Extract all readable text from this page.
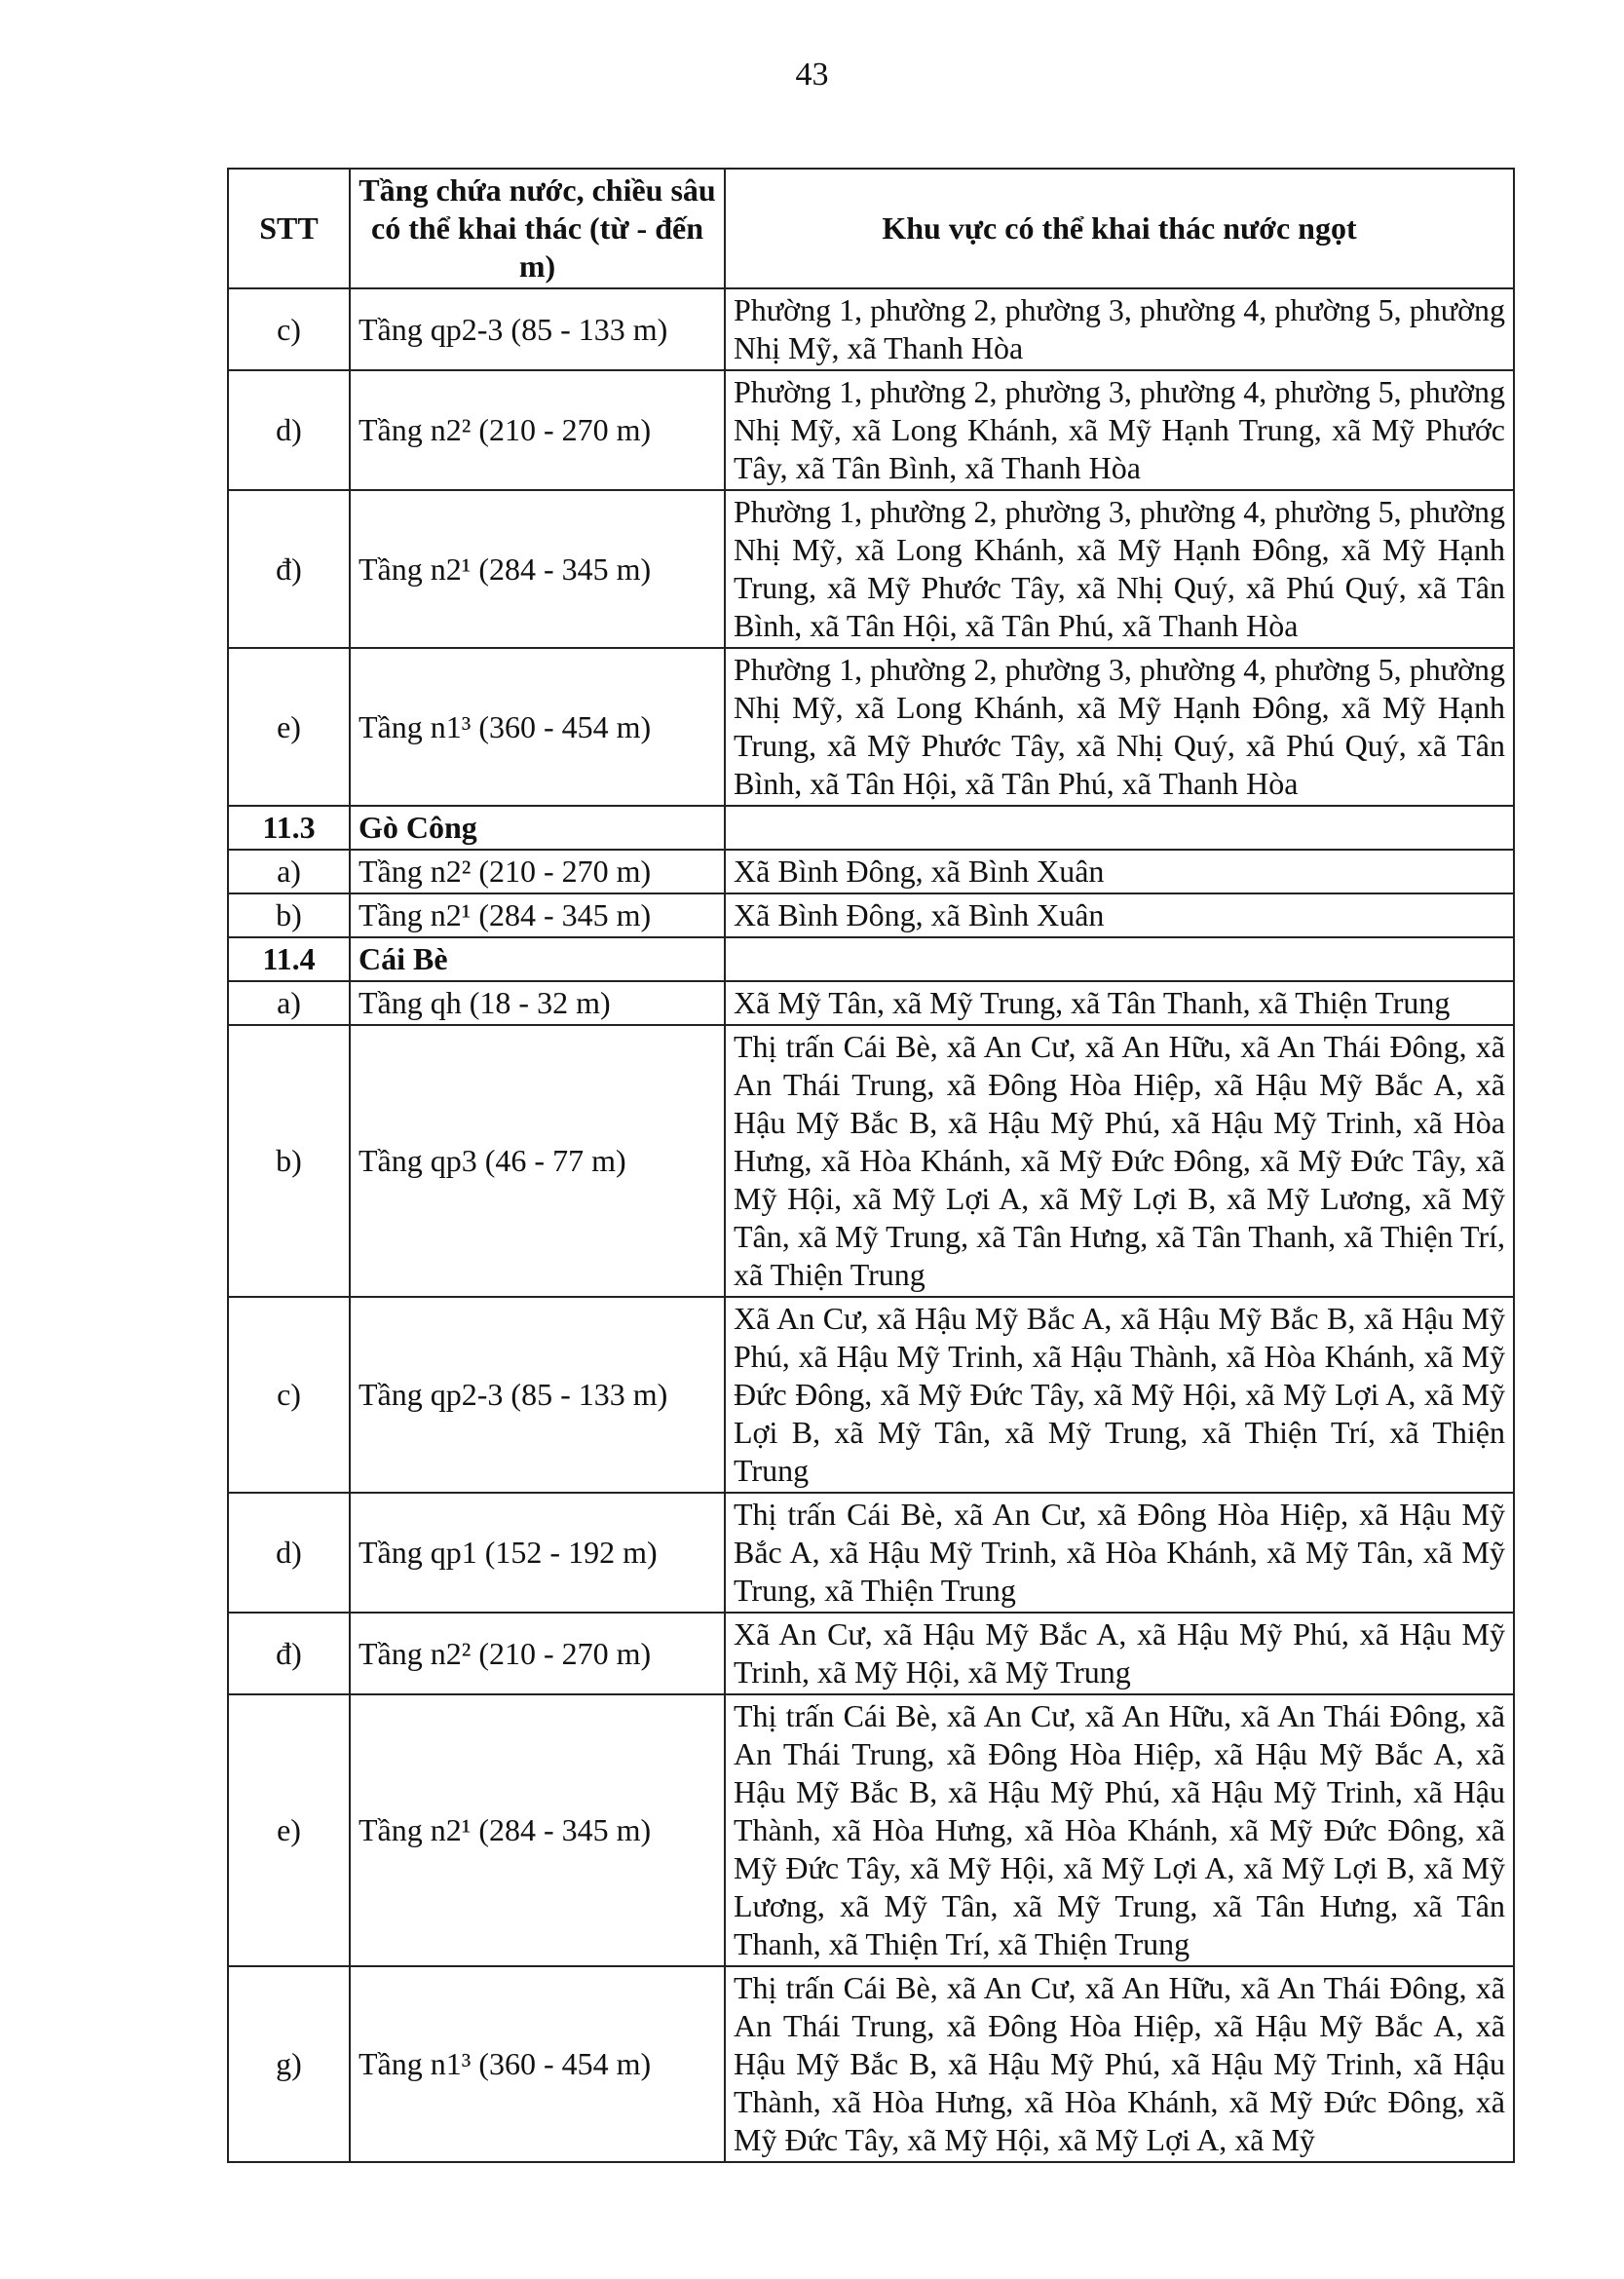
43
STT	Tầng chứa nước, chiều sâu có thể khai thác (từ - đến m)	Khu vực có thể khai thác nước ngọt
c)	Tầng qp2-3 (85 - 133 m)	Phường 1, phường 2, phường 3, phường 4, phường 5, phường Nhị Mỹ, xã Thanh Hòa
d)	Tầng n2² (210 - 270 m)	Phường 1, phường 2, phường 3, phường 4, phường 5, phường Nhị Mỹ, xã Long Khánh, xã Mỹ Hạnh Trung, xã Mỹ Phước Tây, xã Tân Bình, xã Thanh Hòa
đ)	Tầng n2¹ (284 - 345 m)	Phường 1, phường 2, phường 3, phường 4, phường 5, phường Nhị Mỹ, xã Long Khánh, xã Mỹ Hạnh Đông, xã Mỹ Hạnh Trung, xã Mỹ Phước Tây, xã Nhị Quý, xã Phú Quý, xã Tân Bình, xã Tân Hội, xã Tân Phú, xã Thanh Hòa
e)	Tầng n1³ (360 - 454 m)	Phường 1, phường 2, phường 3, phường 4, phường 5, phường Nhị Mỹ, xã Long Khánh, xã Mỹ Hạnh Đông, xã Mỹ Hạnh Trung, xã Mỹ Phước Tây, xã Nhị Quý, xã Phú Quý, xã Tân Bình, xã Tân Hội, xã Tân Phú, xã Thanh Hòa
11.3	Gò Công	
a)	Tầng n2² (210 - 270 m)	Xã Bình Đông, xã Bình Xuân
b)	Tầng n2¹ (284 - 345 m)	Xã Bình Đông, xã Bình Xuân
11.4	Cái Bè	
a)	Tầng qh (18 - 32 m)	Xã Mỹ Tân, xã Mỹ Trung, xã Tân Thanh, xã Thiện Trung
b)	Tầng qp3 (46 - 77 m)	Thị trấn Cái Bè, xã An Cư, xã An Hữu, xã An Thái Đông, xã An Thái Trung, xã Đông Hòa Hiệp, xã Hậu Mỹ Bắc A, xã Hậu Mỹ Bắc B, xã Hậu Mỹ Phú, xã Hậu Mỹ Trinh, xã Hòa Hưng, xã Hòa Khánh, xã Mỹ Đức Đông, xã Mỹ Đức Tây, xã Mỹ Hội, xã Mỹ Lợi A, xã Mỹ Lợi B, xã Mỹ Lương, xã Mỹ Tân, xã Mỹ Trung, xã Tân Hưng, xã Tân Thanh, xã Thiện Trí, xã Thiện Trung
c)	Tầng qp2-3 (85 - 133 m)	Xã An Cư, xã Hậu Mỹ Bắc A, xã Hậu Mỹ Bắc B, xã Hậu Mỹ Phú, xã Hậu Mỹ Trinh, xã Hậu Thành, xã Hòa Khánh, xã Mỹ Đức Đông, xã Mỹ Đức Tây, xã Mỹ Hội, xã Mỹ Lợi A, xã Mỹ Lợi B, xã Mỹ Tân, xã Mỹ Trung, xã Thiện Trí, xã Thiện Trung
d)	Tầng qp1 (152 - 192 m)	Thị trấn Cái Bè, xã An Cư, xã Đông Hòa Hiệp, xã Hậu Mỹ Bắc A, xã Hậu Mỹ Trinh, xã Hòa Khánh, xã Mỹ Tân, xã Mỹ Trung, xã Thiện Trung
đ)	Tầng n2² (210 - 270 m)	Xã An Cư, xã Hậu Mỹ Bắc A, xã Hậu Mỹ Phú, xã Hậu Mỹ Trinh, xã Mỹ Hội, xã Mỹ Trung
e)	Tầng n2¹ (284 - 345 m)	Thị trấn Cái Bè, xã An Cư, xã An Hữu, xã An Thái Đông, xã An Thái Trung, xã Đông Hòa Hiệp, xã Hậu Mỹ Bắc A, xã Hậu Mỹ Bắc B, xã Hậu Mỹ Phú, xã Hậu Mỹ Trinh, xã Hậu Thành, xã Hòa Hưng, xã Hòa Khánh, xã Mỹ Đức Đông, xã Mỹ Đức Tây, xã Mỹ Hội, xã Mỹ Lợi A, xã Mỹ Lợi B, xã Mỹ Lương, xã Mỹ Tân, xã Mỹ Trung, xã Tân Hưng, xã Tân Thanh, xã Thiện Trí, xã Thiện Trung
g)	Tầng n1³ (360 - 454 m)	Thị trấn Cái Bè, xã An Cư, xã An Hữu, xã An Thái Đông, xã An Thái Trung, xã Đông Hòa Hiệp, xã Hậu Mỹ Bắc A, xã Hậu Mỹ Bắc B, xã Hậu Mỹ Phú, xã Hậu Mỹ Trinh, xã Hậu Thành, xã Hòa Hưng, xã Hòa Khánh, xã Mỹ Đức Đông, xã Mỹ Đức Tây, xã Mỹ Hội, xã Mỹ Lợi A, xã Mỹ
